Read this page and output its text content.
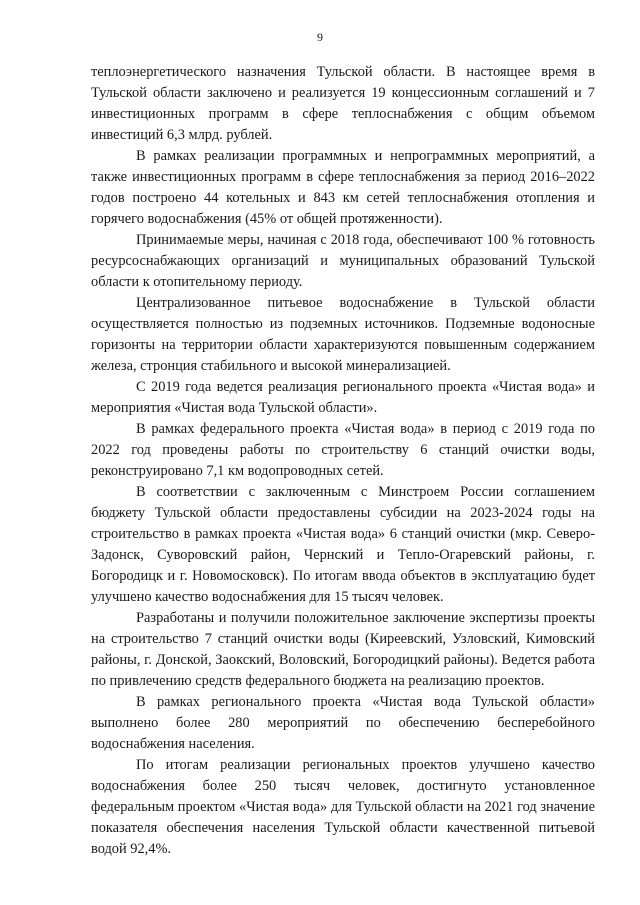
9

теплоэнергетического назначения Тульской области. В настоящее время в Тульской области заключено и реализуется 19 концессионным соглашений и 7 инвестиционных программ в сфере теплоснабжения с общим объемом инвестиций 6,3 млрд. рублей.

В рамках реализации программных и непрограммных мероприятий, а также инвестиционных программ в сфере теплоснабжения за период 2016–2022 годов построено 44 котельных и 843 км сетей теплоснабжения отопления и горячего водоснабжения (45% от общей протяженности).

Принимаемые меры, начиная с 2018 года, обеспечивают 100 % готовность ресурсоснабжающих организаций и муниципальных образований Тульской области к отопительному периоду.

Централизованное питьевое водоснабжение в Тульской области осуществляется полностью из подземных источников. Подземные водоносные горизонты на территории области характеризуются повышенным содержанием железа, стронция стабильного и высокой минерализацией.

С 2019 года ведется реализация регионального проекта «Чистая вода» и мероприятия «Чистая вода Тульской области».

В рамках федерального проекта «Чистая вода» в период с 2019 года по 2022 год проведены работы по строительству 6 станций очистки воды, реконструировано 7,1 км водопроводных сетей.

В соответствии с заключенным с Минстроем России соглашением бюджету Тульской области предоставлены субсидии на 2023-2024 годы на строительство в рамках проекта «Чистая вода» 6 станций очистки (мкр. Северо-Задонск, Суворовский район, Чернский и Тепло-Огаревский районы, г. Богородицк и г. Новомосковск). По итогам ввода объектов в эксплуатацию будет улучшено качество водоснабжения для 15 тысяч человек.

Разработаны и получили положительное заключение экспертизы проекты на строительство 7 станций очистки воды (Киреевский, Узловский, Кимовский районы, г. Донской, Заокский, Воловский, Богородицкий районы). Ведется работа по привлечению средств федерального бюджета на реализацию проектов.

В рамках регионального проекта «Чистая вода Тульской области» выполнено более 280 мероприятий по обеспечению бесперебойного водоснабжения населения.

По итогам реализации региональных проектов улучшено качество водоснабжения более 250 тысяч человек, достигнуто установленное федеральным проектом «Чистая вода» для Тульской области на 2021 год значение показателя обеспечения населения Тульской области качественной питьевой водой 92,4%.
